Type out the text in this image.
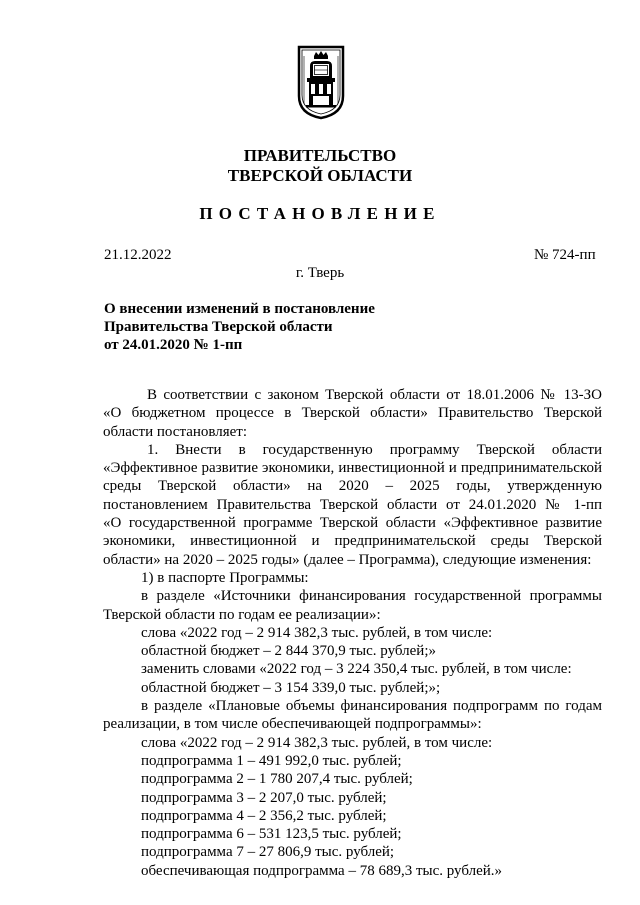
ПРАВИТЕЛЬСТВО
ТВЕРСКОЙ ОБЛАСТИ
ПОСТАНОВЛЕНИЕ
21.12.2022	№ 724-пп
г. Тверь
О внесении изменений в постановление
Правительства Тверской области
от 24.01.2020 № 1-пп
В соответствии с законом Тверской области от 18.01.2006 № 13-ЗО
«О бюджетном процессе в Тверской области» Правительство Тверской
области постановляет:
1. Внести в государственную программу Тверской области
«Эффективное развитие экономики, инвестиционной и предпринимательской
среды Тверской области» на 2020 – 2025 годы, утвержденную
постановлением Правительства Тверской области от 24.01.2020 № 1-пп
«О государственной программе Тверской области «Эффективное развитие
экономики, инвестиционной и предпринимательской среды Тверской
области» на 2020 – 2025 годы» (далее – Программа), следующие изменения:
1) в паспорте Программы:
в разделе «Источники финансирования государственной программы
Тверской области по годам ее реализации»:
слова «2022 год – 2 914 382,3 тыс. рублей, в том числе:
областной бюджет – 2 844 370,9 тыс. рублей;»
заменить словами «2022 год – 3 224 350,4 тыс. рублей, в том числе:
областной бюджет – 3 154 339,0 тыс. рублей;»;
в разделе «Плановые объемы финансирования подпрограмм по годам
реализации, в том числе обеспечивающей подпрограммы»:
слова «2022 год – 2 914 382,3 тыс. рублей, в том числе:
подпрограмма 1 – 491 992,0 тыс. рублей;
подпрограмма 2 – 1 780 207,4 тыс. рублей;
подпрограмма 3 – 2 207,0 тыс. рублей;
подпрограмма 4 – 2 356,2 тыс. рублей;
подпрограмма 6 – 531 123,5 тыс. рублей;
подпрограмма 7 – 27 806,9 тыс. рублей;
обеспечивающая подпрограмма – 78 689,3 тыс. рублей.»
